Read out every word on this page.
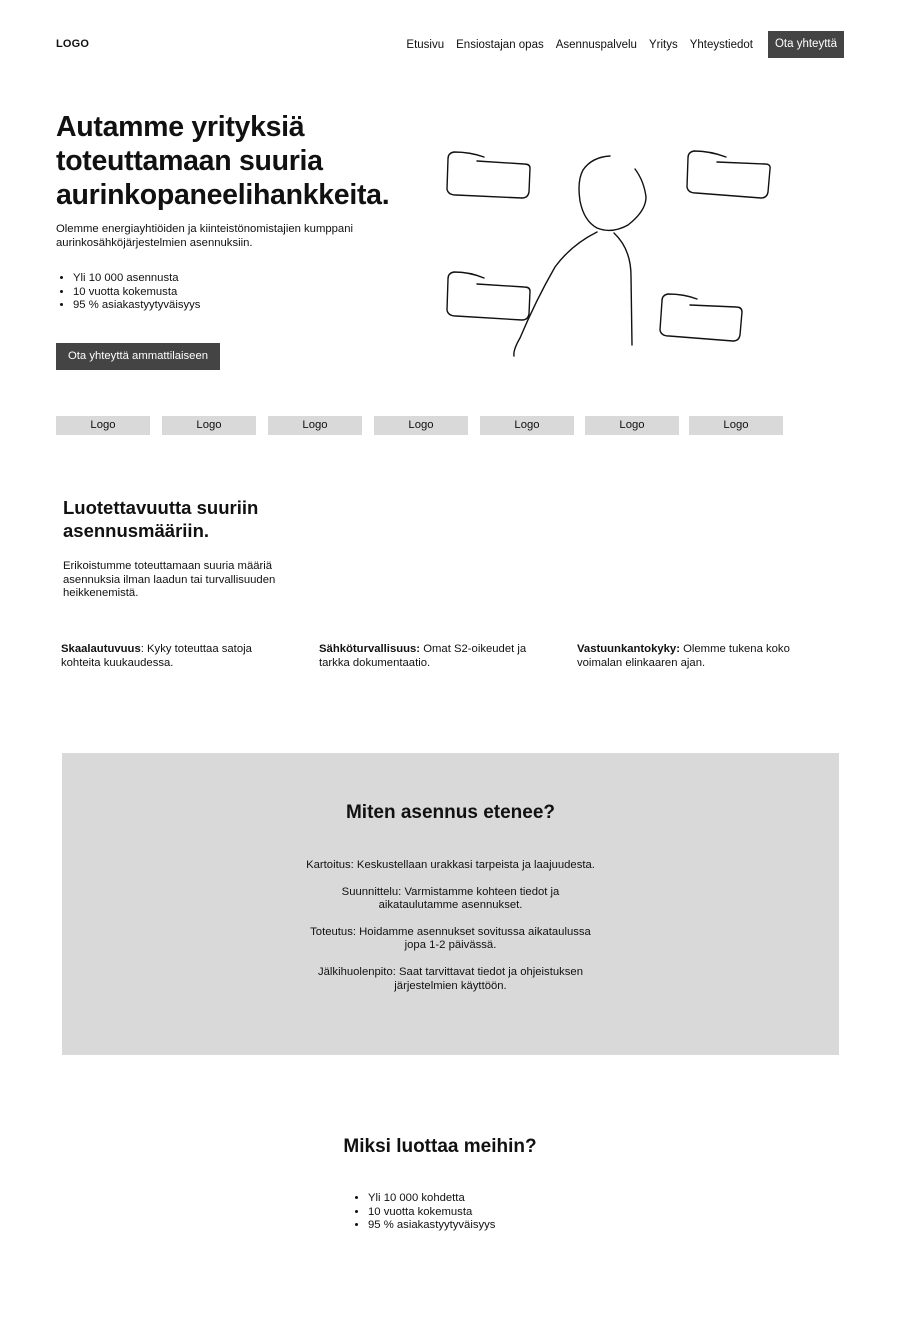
LOGO	Etusivu Ensiostajan opas Asennuspalvelu Yritys Yhteystiedot	Ota yhteyttä
Autamme yrityksiä toteuttamaan suuria aurinkopaneelihankkeita.

Olemme energiayhtiöiden ja kiinteistönomistajien kumppani aurinkosähköjärjestelmien asennuksiin.

• Yli 10 000 asennusta
• 10 vuotta kokemusta
• 95 % asiakastyytyväisyys
Ota yhteyttä ammattilaiseen
Logo	Logo	Logo	Logo	Logo	Logo	Logo
Luotettavuutta suuriin asennusmääriin.

Erikoistumme toteuttamaan suuria määriä asennuksia ilman laadun tai turvallisuuden heikkenemistä.

Skaalautuvuus: Kyky toteuttaa satoja kohteita kuukaudessa.
Sähköturvallisuus: Omat S2-oikeudet ja tarkka dokumentaatio.
Vastuunkantokyky: Olemme tukena koko voimalan elinkaaren ajan.
Miten asennus etenee?

Kartoitus: Keskustellaan urakkasi tarpeista ja laajuudesta.

Suunnittelu: Varmistamme kohteen tiedot ja aikataulutamme asennukset.

Toteutus: Hoidamme asennukset sovitussa aikataulussa jopa 1-2 päivässä.

Jälkihuolenpito: Saat tarvittavat tiedot ja ohjeistuksen järjestelmien käyttöön.

Miksi luottaa meihin?
• Yli 10 000 kohdetta
• 10 vuotta kokemusta
• 95 % asiakastyytyväisyys
